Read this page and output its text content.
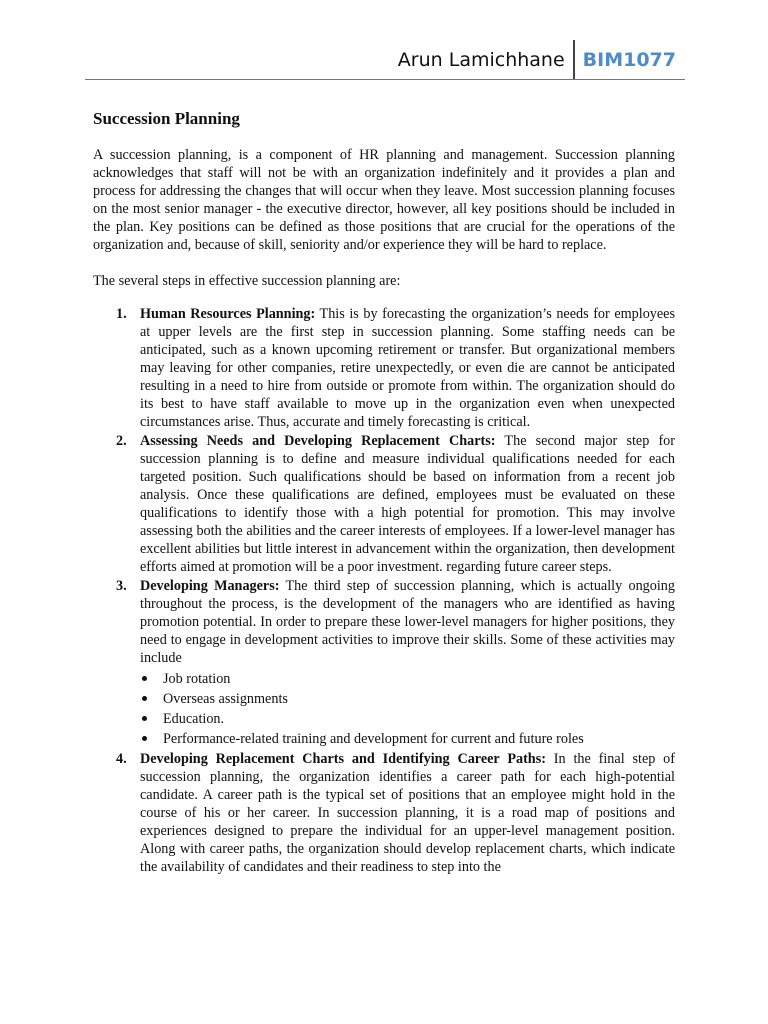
Arun Lamichhane BIM1077

Succession Planning

A succession planning, is a component of HR planning and management. Succession planning acknowledges that staff will not be with an organization indefinitely and it provides a plan and process for addressing the changes that will occur when they leave. Most succession planning focuses on the most senior manager - the executive director, however, all key positions should be included in the plan. Key positions can be defined as those positions that are crucial for the operations of the organization and, because of skill, seniority and/or experience they will be hard to replace.

The several steps in effective succession planning are:

1. Human Resources Planning: This is by forecasting the organization’s needs for employees at upper levels are the first step in succession planning. Some staffing needs can be anticipated, such as a known upcoming retirement or transfer. But organizational members may leaving for other companies, retire unexpectedly, or even die are cannot be anticipated resulting in a need to hire from outside or promote from within. The organization should do its best to have staff available to move up in the organization even when unexpected circumstances arise. Thus, accurate and timely forecasting is critical.
2. Assessing Needs and Developing Replacement Charts: The second major step for succession planning is to define and measure individual qualifications needed for each targeted position. Such qualifications should be based on information from a recent job analysis. Once these qualifications are defined, employees must be evaluated on these qualifications to identify those with a high potential for promotion. This may involve assessing both the abilities and the career interests of employees. If a lower-level manager has excellent abilities but little interest in advancement within the organization, then development efforts aimed at promotion will be a poor investment. regarding future career steps.
3. Developing Managers: The third step of succession planning, which is actually ongoing throughout the process, is the development of the managers who are identified as having promotion potential. In order to prepare these lower-level managers for higher positions, they need to engage in development activities to improve their skills. Some of these activities may include
Job rotation
Overseas assignments
Education.
Performance-related training and development for current and future roles
4. Developing Replacement Charts and Identifying Career Paths: In the final step of succession planning, the organization identifies a career path for each high-potential candidate. A career path is the typical set of positions that an employee might hold in the course of his or her career. In succession planning, it is a road map of positions and experiences designed to prepare the individual for an upper-level management position. Along with career paths, the organization should develop replacement charts, which indicate the availability of candidates and their readiness to step into the
